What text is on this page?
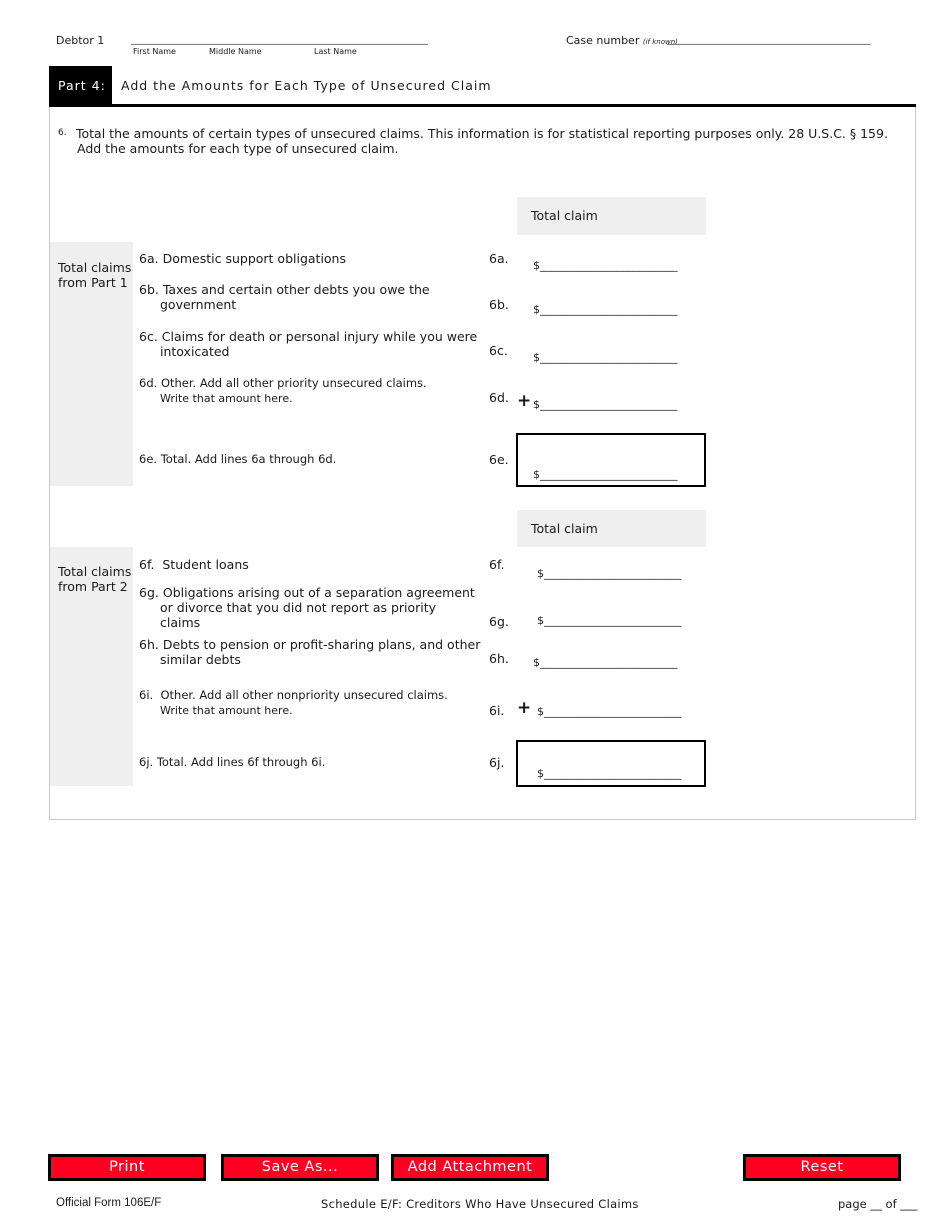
Debtor 1 ______________________________________________________
First Name	Middle Name	Last Name
Case number (if known)
_____________________________________
Part 4:	Add the Amounts for Each Type of Unsecured Claim
6. Total the amounts of certain types of unsecured claims. This information is for statistical reporting purposes only. 28 U.S.C. § 159.
Add the amounts for each type of unsecured claim.
Total claim
Total claims
from Part 1
6a. Domestic support obligations	6a. $_________________________
6b. Taxes and certain other debts you owe the
government	6b. $_________________________
6c. Claims for death or personal injury while you were
intoxicated	6c. $_________________________
6d. Other. Add all other priority unsecured claims.
Write that amount here.	6d. + $_________________________
6e. Total. Add lines 6a through 6d.	6e.
$_________________________
Total claim
Total claims
from Part 2
6f. Student loans	6f.
$_________________________
6g. Obligations arising out of a separation agreement
or divorce that you did not report as priority
claims	6g.	$_________________________
6h. Debts to pension or profit-sharing plans, and other
similar debts	6h. $_________________________
6i. Other. Add all other nonpriority unsecured claims.
Write that amount here.	6i. + $_________________________
6j. Total. Add lines 6f through 6i.	6j.
$_________________________
Print	Save As...	Add Attachment	Reset
Official Form 106E/F	Schedule E/F: Creditors Who Have Unsecured Claims	page __ of ___
